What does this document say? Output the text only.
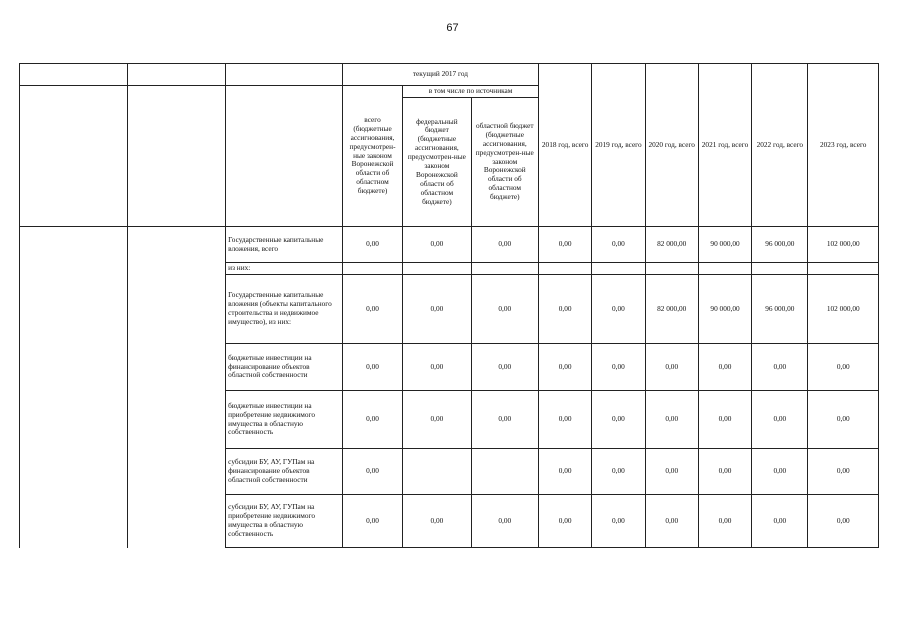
67
			текущий 2017 год			2018 год, всего	2019 год, всего	2020 год, всего	2021 год, всего	2022 год, всего	2023 год, всего
			всего (бюджетные ассигнования, предусмотрен-ные законом Воронежской области об областном бюджете)	в том числе по источникам							
				федеральный бюджет (бюджетные ассигнования, предусмотрен-ные законом Воронежской области об областном бюджете)	областной бюджет (бюджетные ассигнования, предусмотрен-ные законом Воронежской области об областном бюджете)						
		Государственные капитальные вложения, всего	0,00	0,00	0,00	0,00	0,00	82 000,00	90 000,00	96 000,00	102 000,00
		из них:									
		Государственные капитальные вложения (объекты капитального строительства и недвижимое имущество), из них:	0,00	0,00	0,00	0,00	0,00	82 000,00	90 000,00	96 000,00	102 000,00
		бюджетные инвестиции на финансирование объектов областной собственности	0,00	0,00	0,00	0,00	0,00	0,00	0,00	0,00	0,00
		бюджетные инвестиции на приобретение недвижимого имущества в областную собственность	0,00	0,00	0,00	0,00	0,00	0,00	0,00	0,00	0,00
		субсидии БУ, АУ, ГУПам на финансирование объектов областной собственности	0,00			0,00	0,00	0,00	0,00	0,00	0,00
		субсидии БУ, АУ, ГУПам на приобретение недвижимого имущества в областную собственность	0,00	0,00	0,00	0,00	0,00	0,00	0,00	0,00	0,00
